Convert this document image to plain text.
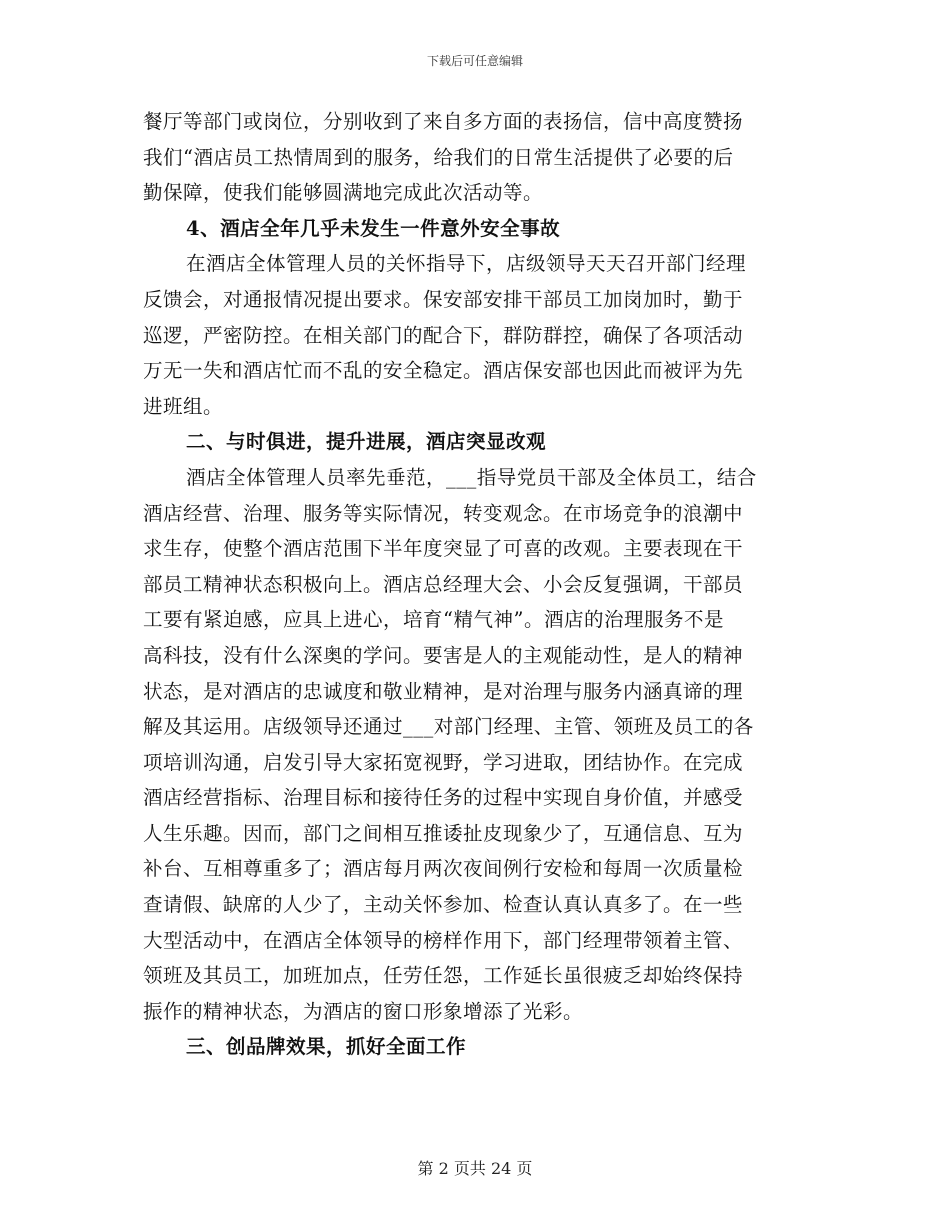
下载后可任意编辑

餐厅等部门或岗位，分别收到了来自多方面的表扬信，信中高度赞扬
我们“酒店员工热情周到的服务，给我们的日常生活提供了必要的后
勤保障，使我们能够圆满地完成此次活动等。

4、酒店全年几乎未发生一件意外安全事故

在酒店全体管理人员的关怀指导下，店级领导天天召开部门经理
反馈会，对通报情况提出要求。保安部安排干部员工加岗加时，勤于
巡逻，严密防控。在相关部门的配合下，群防群控，确保了各项活动
万无一失和酒店忙而不乱的安全稳定。酒店保安部也因此而被评为先
进班组。

二、与时俱进，提升进展，酒店突显改观

酒店全体管理人员率先垂范，___指导党员干部及全体员工，结合
酒店经营、治理、服务等实际情况，转变观念。在市场竞争的浪潮中
求生存，使整个酒店范围下半年度突显了可喜的改观。主要表现在干
部员工精神状态积极向上。酒店总经理大会、小会反复强调，干部员
工要有紧迫感，应具上进心，培育“精气神”。酒店的治理服务不是
高科技，没有什么深奥的学问。要害是人的主观能动性，是人的精神
状态，是对酒店的忠诚度和敬业精神，是对治理与服务内涵真谛的理
解及其运用。店级领导还通过___对部门经理、主管、领班及员工的各
项培训沟通，启发引导大家拓宽视野，学习进取，团结协作。在完成
酒店经营指标、治理目标和接待任务的过程中实现自身价值，并感受
人生乐趣。因而，部门之间相互推诿扯皮现象少了，互通信息、互为
补台、互相尊重多了；酒店每月两次夜间例行安检和每周一次质量检
查请假、缺席的人少了，主动关怀参加、检查认真认真多了。在一些
大型活动中，在酒店全体领导的榜样作用下，部门经理带领着主管、
领班及其员工，加班加点，任劳任怨，工作延长虽很疲乏却始终保持
振作的精神状态，为酒店的窗口形象增添了光彩。

三、创品牌效果，抓好全面工作

第 2 页共 24 页
